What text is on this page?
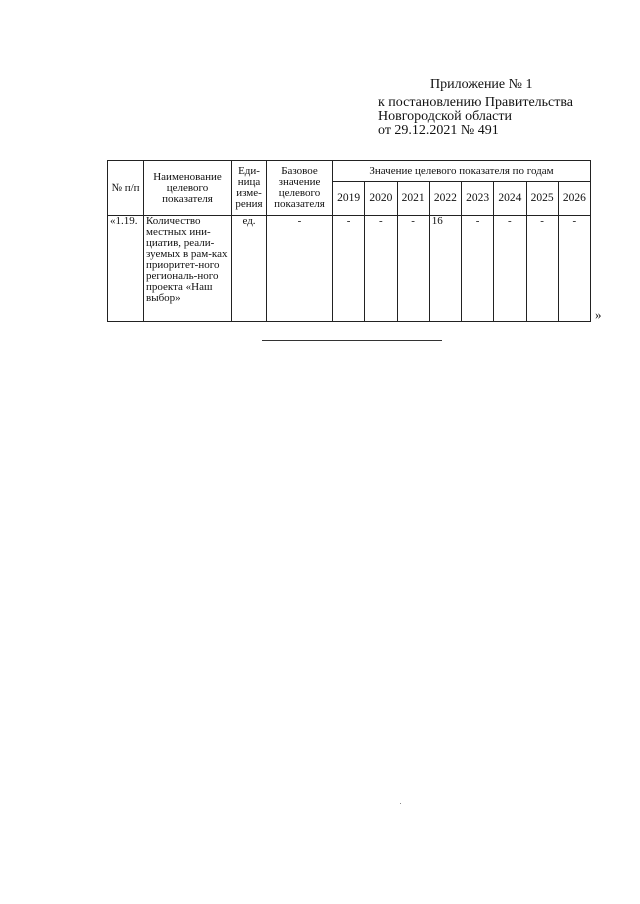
Приложение № 1
к постановлению Правительства
Новгородской области
от 29.12.2021 № 491
№ п/п	Наименование целевого показателя	Еди-ница изме-рения	Базовое значение целевого показателя	Значение целевого показателя по годам							
				2019	2020	2021	2022	2023	2024	2025	2026
«1.19.	Количество местных ини-циатив, реали-зуемых в рам-ках приоритет-ного региональ-ного проекта «Наш выбор»	ед.	-	-	-	-	16	-	-	-	-
»
